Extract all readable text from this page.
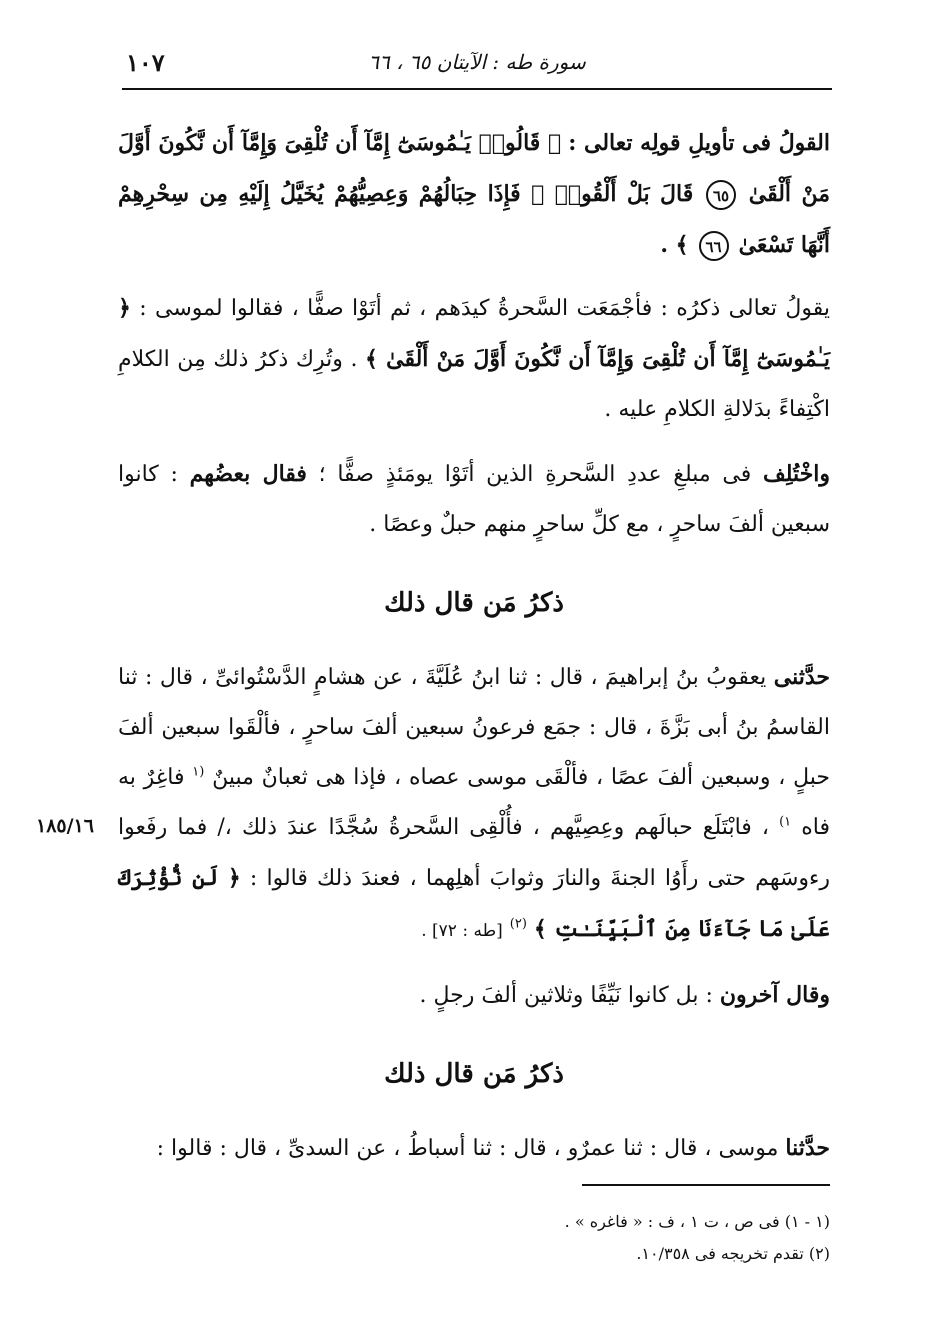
سورة طه : الآيتان ٦٥ ، ٦٦
١٠٧

القولُ فى تأويلِ قولِه تعالى : ﴿ قَالُوا۟ يَـٰمُوسَىٰٓ إِمَّآ أَن تُلْقِىَ وَإِمَّآ أَن نَّكُونَ أَوَّلَ مَنْ أَلْقَىٰ ٦٥ قَالَ بَلْ أَلْقُوا۟ ۖ فَإِذَا حِبَالُهُمْ وَعِصِيُّهُمْ يُخَيَّلُ إِلَيْهِ مِن سِحْرِهِمْ أَنَّهَا تَسْعَىٰ ٦٦ ﴾ .

يقولُ تعالى ذكرُه : فأجْمَعَت السَّحرةُ كيدَهم ، ثم أتَوْا صفًّا ، فقالوا لموسى : ﴿ يَـٰمُوسَىٰٓ إِمَّآ أَن تُلْقِىَ وَإِمَّآ أَن نَّكُونَ أَوَّلَ مَنْ أَلْقَىٰ ﴾ . وتُرِك ذكرُ ذلك مِن الكلامِ اكْتِفاءً بدَلالةِ الكلامِ عليه .

واخْتُلِف فى مبلغِ عددِ السَّحرةِ الذين أتَوْا يومَئذٍ صفًّا ؛ فقال بعضُهم : كانوا سبعين ألفَ ساحرٍ ، مع كلِّ ساحرٍ منهم حبلٌ وعصًا .

ذكرُ مَن قال ذلك

حدَّثنى يعقوبُ بنُ إبراهيمَ ، قال : ثنا ابنُ عُلَيَّةَ ، عن هشامٍ الدَّسْتُوائىِّ ، قال : ثنا القاسمُ بنُ أبى بَزَّةَ ، قال : جمَع فرعونُ سبعين ألفَ ساحرٍ ، فألْقَوا سبعين ألفَ حبلٍ ، وسبعين ألفَ عصًا ، فألْقَى موسى عصاه ، فإذا هى ثعبانٌ مبينٌ $^{(١}$ فاغِرٌ به فاه $^{١)}$ ، فابْتَلَع حبالَهم وعِصِيَّهم ، فأُلْقِى السَّحرةُ سُجَّدًا عندَ ذلك ،/ فما رفَعوا رءوسَهم حتى رأَوُا الجنةَ والنارَ وثوابَ أهلِهما ، فعندَ ذلك قالوا : ﴿ لَن نُّؤْثِرَكَ عَلَىٰ مَا جَآءَنَا مِنَ ٱلْبَيِّنَـٰتِ ﴾ $^{(٢)}$ [طه : ٧٢] .

وقال آخرون : بل كانوا نَيِّفًا وثلاثين ألفَ رجلٍ .

ذكرُ مَن قال ذلك

حدَّثنا موسى ، قال : ثنا عمرٌو ، قال : ثنا أسباطُ ، عن السدىِّ ، قال : قالوا :

١٨٥/١٦

(١ - ١) فى ص ، ت ١ ، ف : « فاغره » .

(٢) تقدم تخريجه فى ١٠/٣٥٨.
